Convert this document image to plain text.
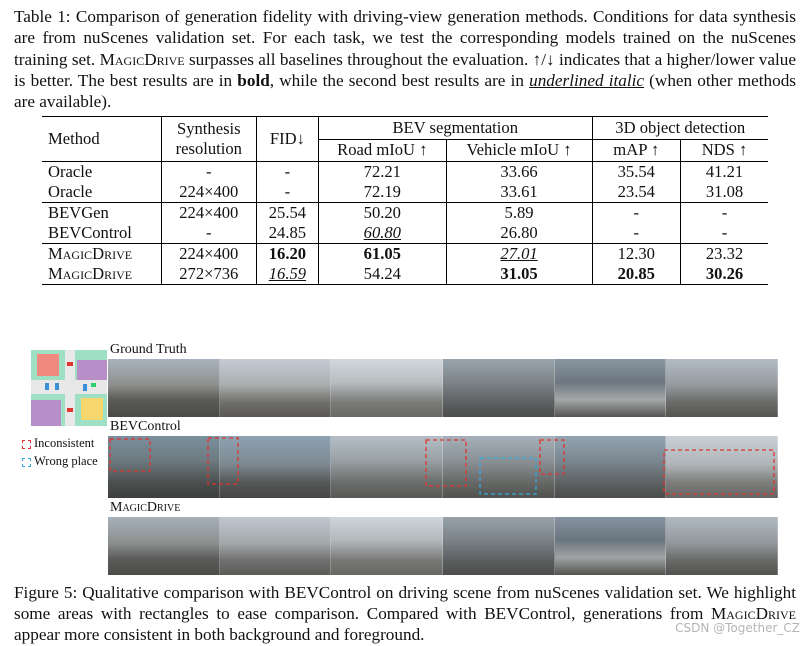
Table 1: Comparison of generation fidelity with driving-view generation methods. Conditions for data synthesis are from nuScenes validation set. For each task, we test the corresponding models trained on the nuScenes training set. MagicDrive surpasses all baselines throughout the evaluation. ↑/↓ indicates that a higher/lower value is better. The best results are in bold, while the second best results are in underlined italic (when other methods are available).
Method	Synthesis resolution	FID↓	BEV segmentation		3D object detection	
			Road mIoU ↑	Vehicle mIoU ↑	mAP ↑	NDS ↑
Oracle	-	-	72.21	33.66	35.54	41.21
Oracle	224×400	-	72.19	33.61	23.54	31.08
BEVGen	224×400	25.54	50.20	5.89	-	-
BEVControl	-	24.85	60.80	26.80	-	-
MagicDrive	224×400	16.20	61.05	27.01	12.30	23.32
MagicDrive	272×736	16.59	54.24	31.05	20.85	30.26
Inconsistent
Wrong place
Ground Truth
BEVControl
MagicDrive
Figure 5: Qualitative comparison with BEVControl on driving scene from nuScenes validation set. We highlight some areas with rectangles to ease comparison. Compared with BEVControl, generations from MagicDrive appear more consistent in both background and foreground.	CSDN @Together_CZ
